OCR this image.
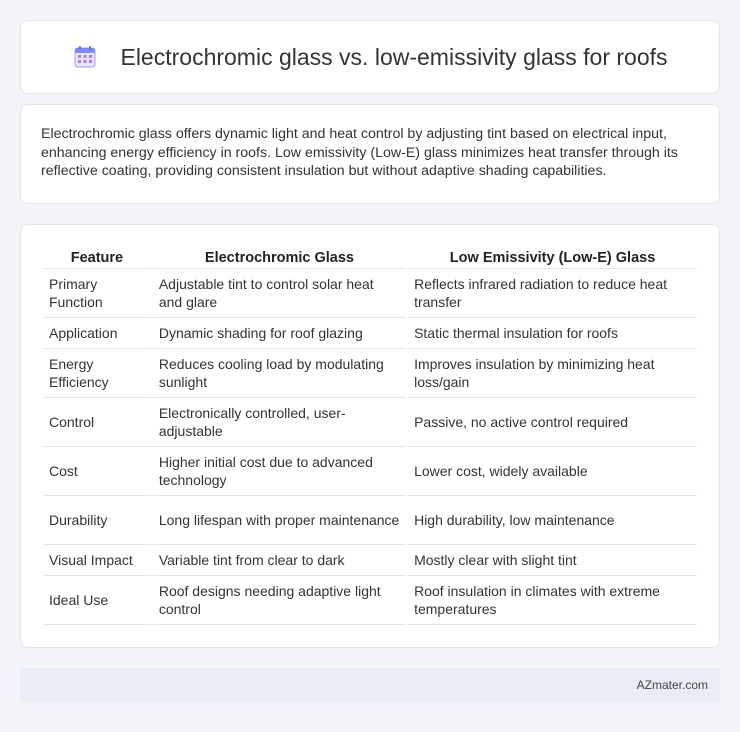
Electrochromic glass vs. low-emissivity glass for roofs

Electrochromic glass offers dynamic light and heat control by adjusting tint based on electrical input, enhancing energy efficiency in roofs. Low emissivity (Low-E) glass minimizes heat transfer through its reflective coating, providing consistent insulation but without adaptive shading capabilities.

Feature	Electrochromic Glass	Low Emissivity (Low-E) Glass
Primary Function	Adjustable tint to control solar heat and glare	Reflects infrared radiation to reduce heat transfer
Application	Dynamic shading for roof glazing	Static thermal insulation for roofs
Energy Efficiency	Reduces cooling load by modulating sunlight	Improves insulation by minimizing heat loss/gain
Control	Electronically controlled, user-adjustable	Passive, no active control required
Cost	Higher initial cost due to advanced technology	Lower cost, widely available
Durability	Long lifespan with proper maintenance	High durability, low maintenance
Visual Impact	Variable tint from clear to dark	Mostly clear with slight tint
Ideal Use	Roof designs needing adaptive light control	Roof insulation in climates with extreme temperatures
AZmater.com
